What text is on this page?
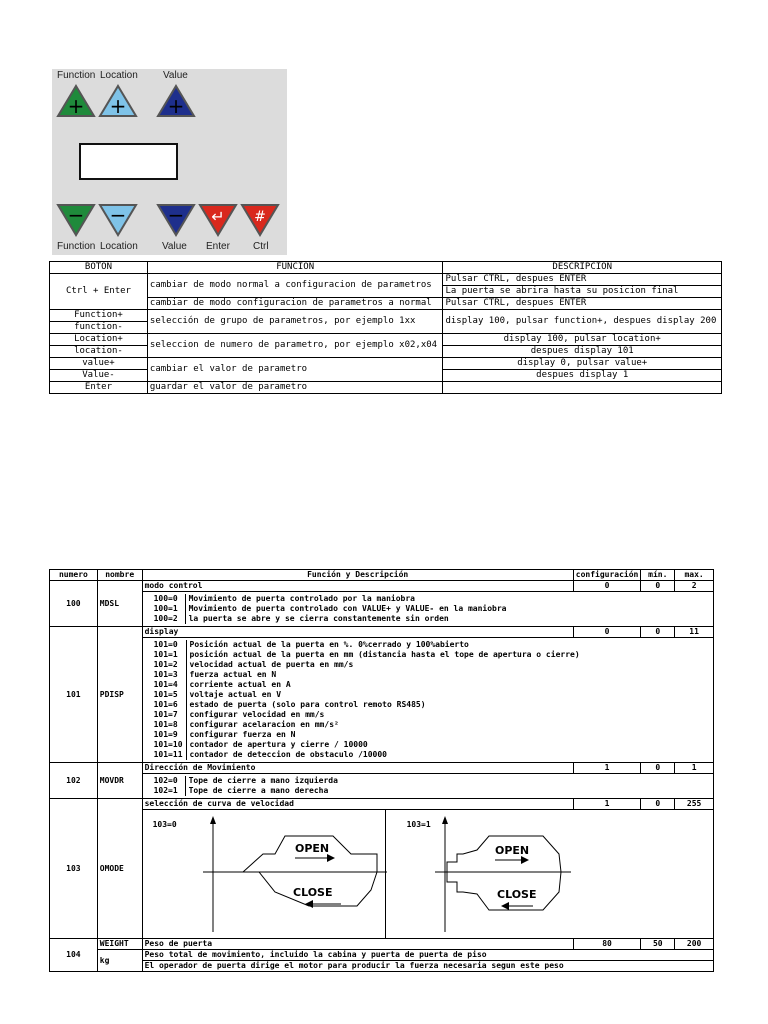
Function Location	Value
+ + +
− − − ↵ #
Function Location Value Enter Ctrl
BOTON	FUNCION	DESCRIPCION
Ctrl + Enter	cambiar de modo normal a configuracion de parametros	Pulsar CTRL, despues ENTER
		La puerta se abrira hasta su posicion final
	cambiar de modo configuracion de parametros a normal	Pulsar CTRL, despues ENTER
Function+	selección de grupo de parametros, por ejemplo 1xx	display 100, pulsar function+, despues display 200
function-		
Location+	seleccion de numero de parametro, por ejemplo x02,x04	display 100, pulsar location+
location-		despues display 101
value+	cambiar el valor de parametro	display 0, pulsar value+
Value-		despues display 1
Enter	guardar el valor de parametro	
numero	nombre	Función y Descripción	configuración	mín.	max.
100	MDSL	modo control	0	0	2

100=0	Movimiento de puerta controlado por la maniobra
100=1	Movimiento de puerta controlado con VALUE+ y VALUE- en la maniobra
100=2	la puerta se abre y se cierra constantemente sin orden

101	PDISP	display	0	0	11

101=0	Posición actual de la puerta en %. 0%cerrado y 100%abierto
101=1	posición actual de la puerta en mm (distancia hasta el tope de apertura o cierre)
101=2	velocidad actual de puerta en mm/s
101=3	fuerza actual en N
101=4	corriente actual en A
101=5	voltaje actual en V
101=6	estado de puerta (solo para control remoto RS485)
101=7	configurar velocidad en mm/s
101=8	configurar acelaracion en mm/s²
101=9	configurar fuerza en N
101=10	contador de apertura y cierre / 10000
101=11	contador de deteccion de obstaculo /10000

102	MOVDR	Dirección de Movimiento	1	0	1

102=0	Tope de cierre a mano izquierda
102=1	Tope de cierre a mano derecha

103	OMODE	selección de curva de velocidad	1	0	255

103=0
OPEN
CLOSE
103=1
OPEN
CLOSE

104	WEIGHT	Peso de puerta	80	50	200
kg	Peso total de movimiento, incluido la cabina y puerta de puerta de piso
El operador de puerta dirige el motor para producir la fuerza necesaria segun este peso
